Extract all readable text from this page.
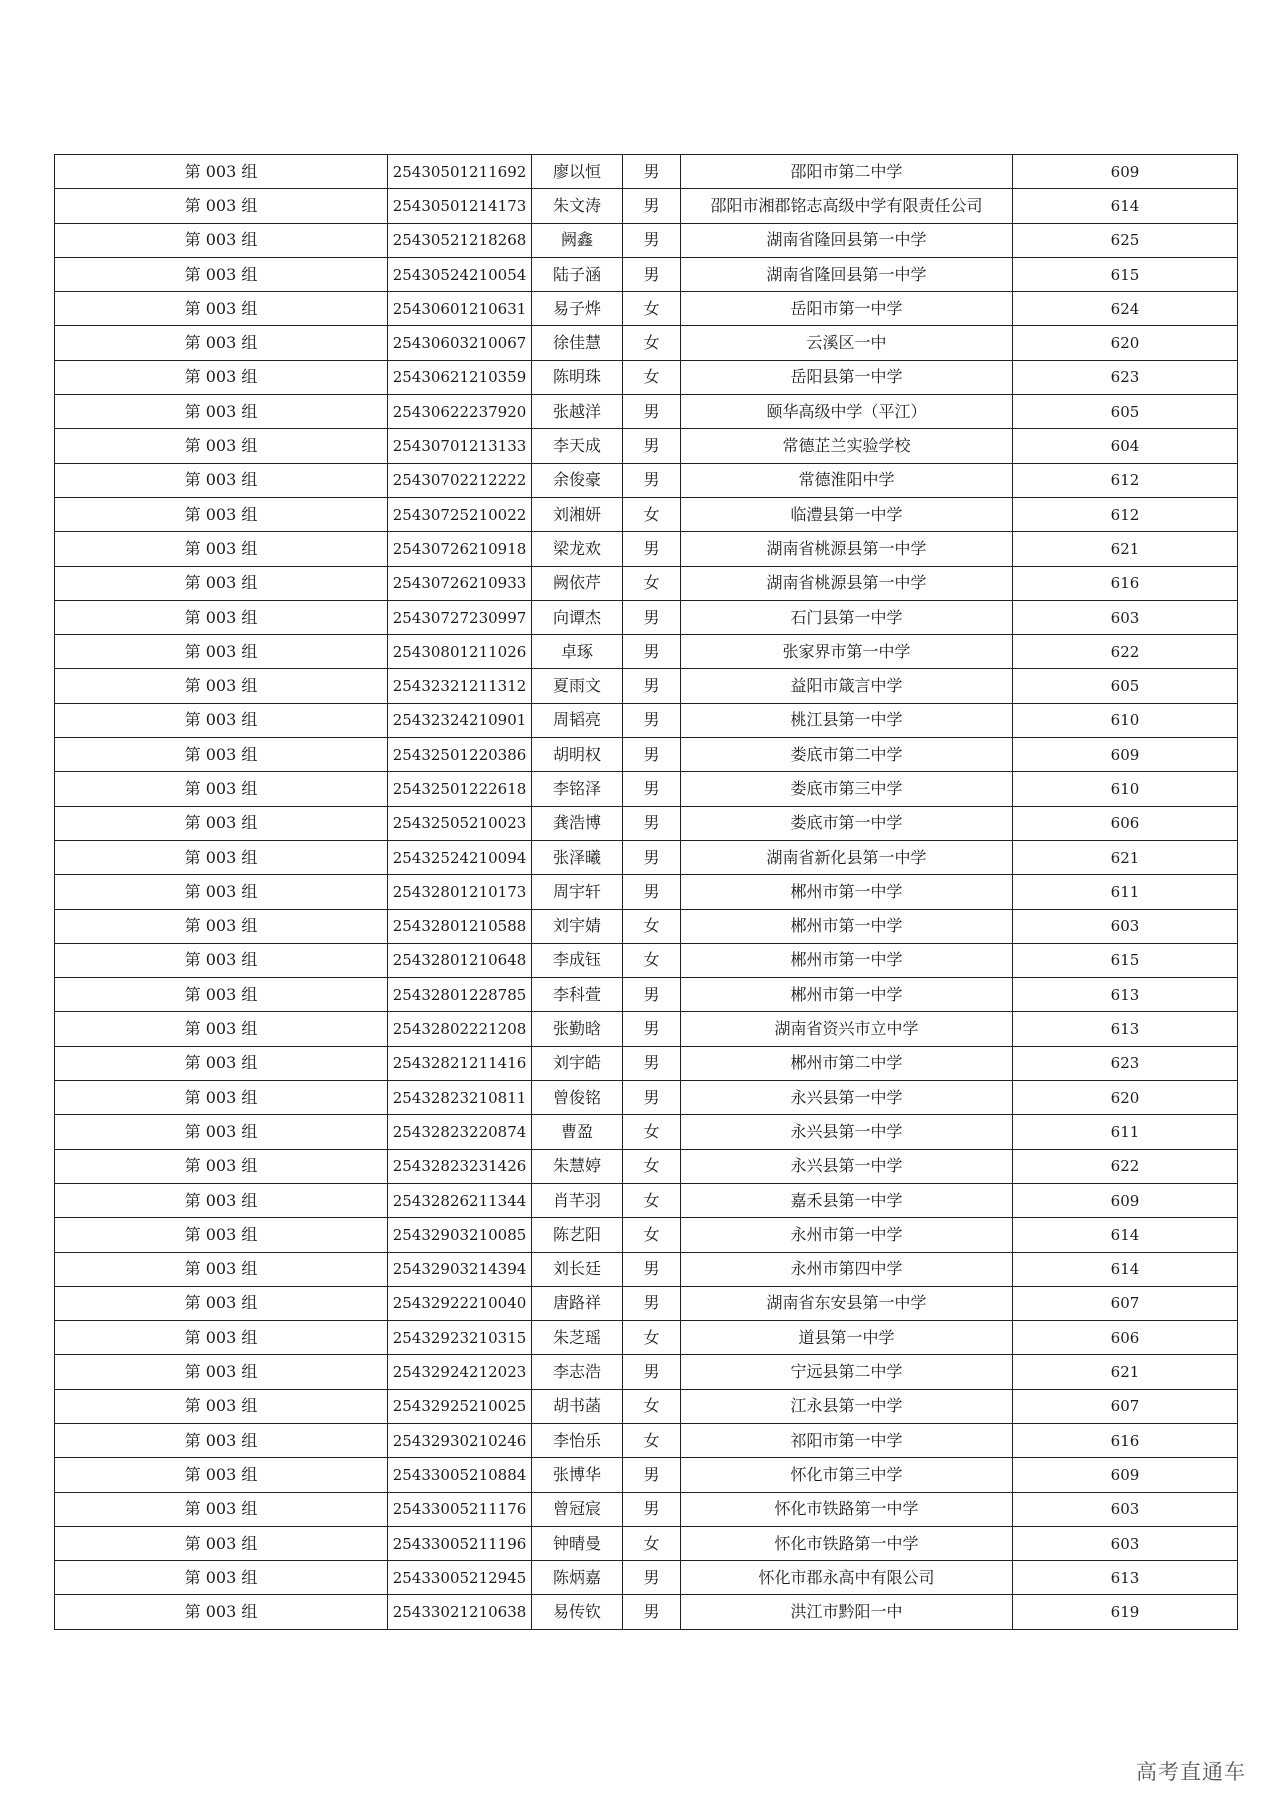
第 003 组	25430501211692	廖以恒	男	邵阳市第二中学	609
第 003 组	25430501214173	朱文涛	男	邵阳市湘郡铭志高级中学有限责任公司	614
第 003 组	25430521218268	阙鑫	男	湖南省隆回县第一中学	625
第 003 组	25430524210054	陆子涵	男	湖南省隆回县第一中学	615
第 003 组	25430601210631	易子烨	女	岳阳市第一中学	624
第 003 组	25430603210067	徐佳慧	女	云溪区一中	620
第 003 组	25430621210359	陈明珠	女	岳阳县第一中学	623
第 003 组	25430622237920	张越洋	男	颐华高级中学（平江）	605
第 003 组	25430701213133	李天成	男	常德芷兰实验学校	604
第 003 组	25430702212222	余俊豪	男	常德淮阳中学	612
第 003 组	25430725210022	刘湘妍	女	临澧县第一中学	612
第 003 组	25430726210918	梁龙欢	男	湖南省桃源县第一中学	621
第 003 组	25430726210933	阙依芹	女	湖南省桃源县第一中学	616
第 003 组	25430727230997	向谭杰	男	石门县第一中学	603
第 003 组	25430801211026	卓琢	男	张家界市第一中学	622
第 003 组	25432321211312	夏雨文	男	益阳市箴言中学	605
第 003 组	25432324210901	周韬亮	男	桃江县第一中学	610
第 003 组	25432501220386	胡明权	男	娄底市第二中学	609
第 003 组	25432501222618	李铭泽	男	娄底市第三中学	610
第 003 组	25432505210023	龚浩博	男	娄底市第一中学	606
第 003 组	25432524210094	张泽曦	男	湖南省新化县第一中学	621
第 003 组	25432801210173	周宇轩	男	郴州市第一中学	611
第 003 组	25432801210588	刘宇婧	女	郴州市第一中学	603
第 003 组	25432801210648	李成钰	女	郴州市第一中学	615
第 003 组	25432801228785	李科萱	男	郴州市第一中学	613
第 003 组	25432802221208	张勤晗	男	湖南省资兴市立中学	613
第 003 组	25432821211416	刘宇皓	男	郴州市第二中学	623
第 003 组	25432823210811	曾俊铭	男	永兴县第一中学	620
第 003 组	25432823220874	曹盈	女	永兴县第一中学	611
第 003 组	25432823231426	朱慧婷	女	永兴县第一中学	622
第 003 组	25432826211344	肖芊羽	女	嘉禾县第一中学	609
第 003 组	25432903210085	陈艺阳	女	永州市第一中学	614
第 003 组	25432903214394	刘长廷	男	永州市第四中学	614
第 003 组	25432922210040	唐路祥	男	湖南省东安县第一中学	607
第 003 组	25432923210315	朱芝瑶	女	道县第一中学	606
第 003 组	25432924212023	李志浩	男	宁远县第二中学	621
第 003 组	25432925210025	胡书菡	女	江永县第一中学	607
第 003 组	25432930210246	李怡乐	女	祁阳市第一中学	616
第 003 组	25433005210884	张博华	男	怀化市第三中学	609
第 003 组	25433005211176	曾冠宸	男	怀化市铁路第一中学	603
第 003 组	25433005211196	钟晴曼	女	怀化市铁路第一中学	603
第 003 组	25433005212945	陈炳嘉	男	怀化市郡永高中有限公司	613
第 003 组	25433021210638	易传钦	男	洪江市黔阳一中	619
高考直通车
